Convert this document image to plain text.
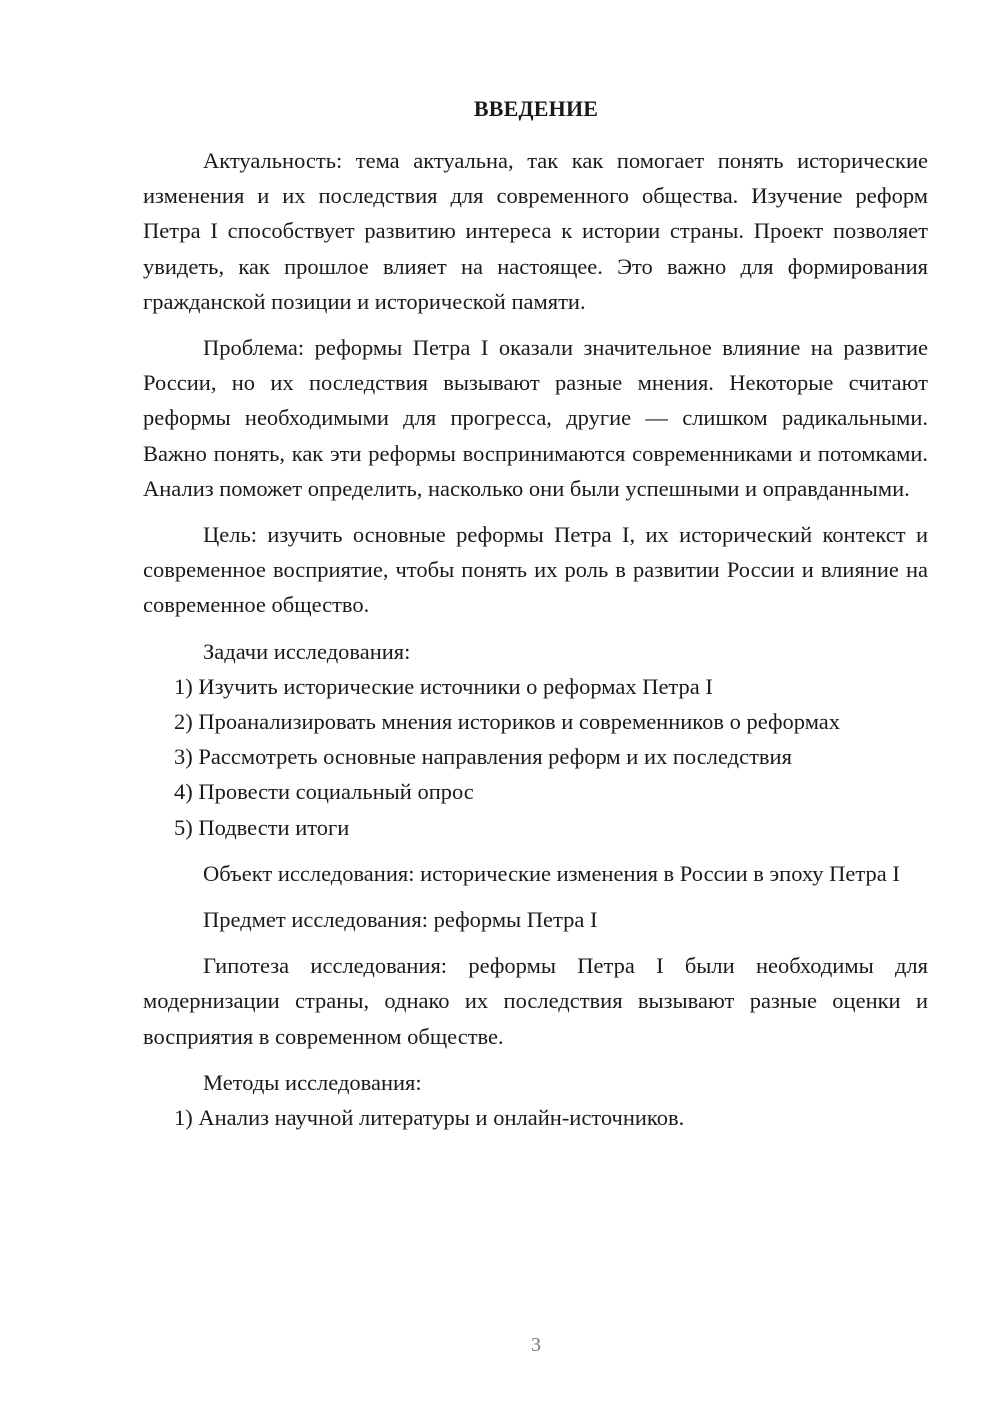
ВВЕДЕНИЕ

Актуальность: тема актуальна, так как помогает понять исторические изменения и их последствия для современного общества. Изучение реформ Петра I способствует развитию интереса к истории страны. Проект позволяет увидеть, как прошлое влияет на настоящее. Это важно для формирования гражданской позиции и исторической памяти.

Проблема: реформы Петра I оказали значительное влияние на развитие России, но их последствия вызывают разные мнения. Некоторые считают реформы необходимыми для прогресса, другие — слишком радикальными. Важно понять, как эти реформы воспринимаются современниками и потомками. Анализ поможет определить, насколько они были успешными и оправданными.

Цель: изучить основные реформы Петра I, их исторический контекст и современное восприятие, чтобы понять их роль в развитии России и влияние на современное общество.

Задачи исследования:

1) Изучить исторические источники о реформах Петра I

2) Проанализировать мнения историков и современников о реформах

3) Рассмотреть основные направления реформ и их последствия

4) Провести социальный опрос

5) Подвести итоги

Объект исследования: исторические изменения в России в эпоху Петра I

Предмет исследования: реформы Петра I

Гипотеза исследования: реформы Петра I были необходимы для модернизации страны, однако их последствия вызывают разные оценки и восприятия в современном обществе.

Методы исследования:

1) Анализ научной литературы и онлайн-источников.

3
